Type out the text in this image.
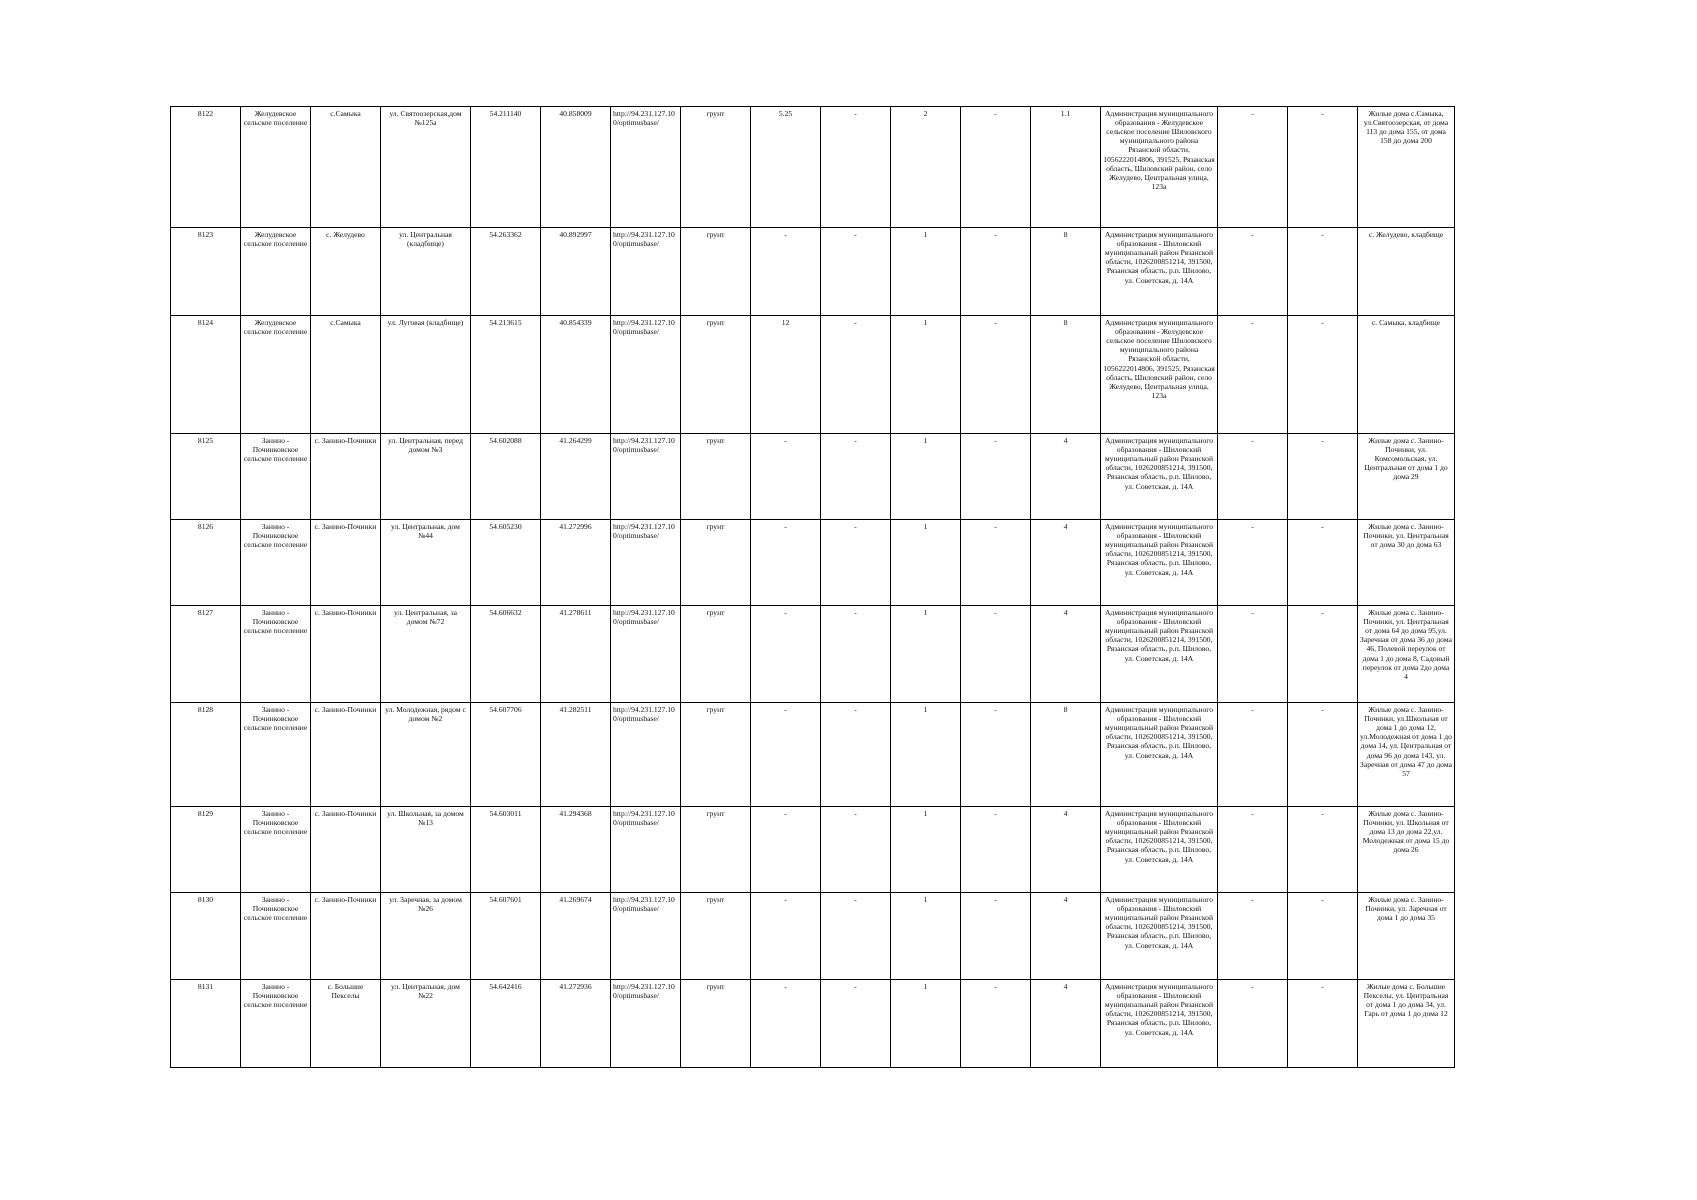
8122	Желудевское сельское поселение	с.Самыка	ул. Святоозерская,дом №125а	54.211140	40.858009	http://94.231.127.10 0/optimusbase/	грунт	5.25	-	2	-	1.1	Администрация муниципального образования - Желудевское сельское поселение Шиловского муниципального района Рязанской области, 1056222014806, 391525, Рязанская область, Шиловский район, село Желудево, Центральная улица, 123а	-	-	Жилые дома с.Самыка, ул.Святоозерская, от дома 113 до дома 155, от дома 158 до дома 200
8123	Желудевское сельское поселение	с. Желудево	ул. Центральная (кладбище)	54.263362	40.892997	http://94.231.127.10 0/optimusbase/	грунт	-	-	1	-	8	Администрация муниципального образования - Шиловский муниципальный район Рязанской области, 1026200851214, 391500, Рязанская область, р.п. Шилово, ул. Советская, д. 14А	-	-	с. Желудево, кладбище
8124	Желудевское сельское поселение	с.Самыка	ул. Луговая (кладбище)	54.213615	40.854339	http://94.231.127.10 0/optimusbase/	грунт	12	-	1	-	8	Администрация муниципального образования - Желудевское сельское поселение Шиловского муниципального района Рязанской области, 1056222014806, 391525, Рязанская область, Шиловский район, село Желудево, Центральная улица, 123а	-	-	с. Самыка, кладбище
8125	Занино - Починковское сельское поселение	с. Занино-Починки	ул. Центральная, перед домом №3	54.602088	41.264299	http://94.231.127.10 0/optimusbase/	грунт	-	-	1	-	4	Администрация муниципального образования - Шиловский муниципальный район Рязанской области, 1026200851214, 391500, Рязанская область, р.п. Шилово, ул. Советская, д. 14А	-	-	Жилые дома с. Занино-Починки, ул. Комсомольская, ул. Центральная от дома 1 до дома 29
8126	Занино - Починковское сельское поселение	с. Занино-Починки	ул. Центральная, дом №44	54.605230	41.272996	http://94.231.127.10 0/optimusbase/	грунт	-	-	1	-	4	Администрация муниципального образования - Шиловский муниципальный район Рязанской области, 1026200851214, 391500, Рязанская область, р.п. Шилово, ул. Советская, д. 14А	-	-	Жилые дома с. Занино-Починки, ул. Центральная от дома 30 до дома 63
8127	Занино - Починковское сельское поселение	с. Занино-Починки	ул. Центральная, за домом №72	54.606632	41.278611	http://94.231.127.10 0/optimusbase/	грунт	-	-	1	-	4	Администрация муниципального образования - Шиловский муниципальный район Рязанской области, 1026200851214, 391500, Рязанская область, р.п. Шилово, ул. Советская, д. 14А	-	-	Жилые дома с. Занино-Починки, ул. Центральная от дома 64 до дома 95,ул. Заречная от дома 36 до дома 46, Полевой переулок от дома 1 до дома 8, Садовый переулок от дома 2до дома 4
8128	Занино - Починковское сельское поселение	с. Занино-Починки	ул. Молодежная, рядом с домом №2	54.607706	41.282511	http://94.231.127.10 0/optimusbase/	грунт	-	-	1	-	8	Администрация муниципального образования - Шиловский муниципальный район Рязанской области, 1026200851214, 391500, Рязанская область, р.п. Шилово, ул. Советская, д. 14А	-	-	Жилые дома с. Занино-Починки, ул.Школьная от дома 1 до дома 12, ул.Молодежная от дома 1 до дома 14, ул. Центральная от дома 96 до дома 143, ул. Заречная от дома 47 до дома 57
8129	Занино - Починковское сельское поселение	с. Занино-Починки	ул. Школьная, за домом №13	54.603011	41.294368	http://94.231.127.10 0/optimusbase/	грунт	-	-	1	-	4	Администрация муниципального образования - Шиловский муниципальный район Рязанской области, 1026200851214, 391500, Рязанская область, р.п. Шилово, ул. Советская, д. 14А	-	-	Жилые дома с. Занино-Починки, ул. Школьная от дома 13 до дома 22,ул. Молодежная от дома 15 до дома 26
8130	Занино - Починковское сельское поселение	с. Занино-Починки	ул. Заречная, за домом №26	54.607601	41.269674	http://94.231.127.10 0/optimusbase/	грунт	-	-	1	-	4	Администрация муниципального образования - Шиловский муниципальный район Рязанской области, 1026200851214, 391500, Рязанская область, р.п. Шилово, ул. Советская, д. 14А	-	-	Жилые дома с. Занино-Починки, ул. Заречная от дома 1 до дома 35
8131	Занино - Починковское сельское поселение	с. Большие Пекселы	ул. Центральная, дом №22	54.642416	41.272936	http://94.231.127.10 0/optimusbase/	грунт	-	-	1	-	4	Администрация муниципального образования - Шиловский муниципальный район Рязанской области, 1026200851214, 391500, Рязанская область, р.п. Шилово, ул. Советская, д. 14А	-	-	Жилые дома с. Большие Пекселы, ул. Центральная от дома 1 до дома 34, ул. Гарь от дома 1 до дома 12
